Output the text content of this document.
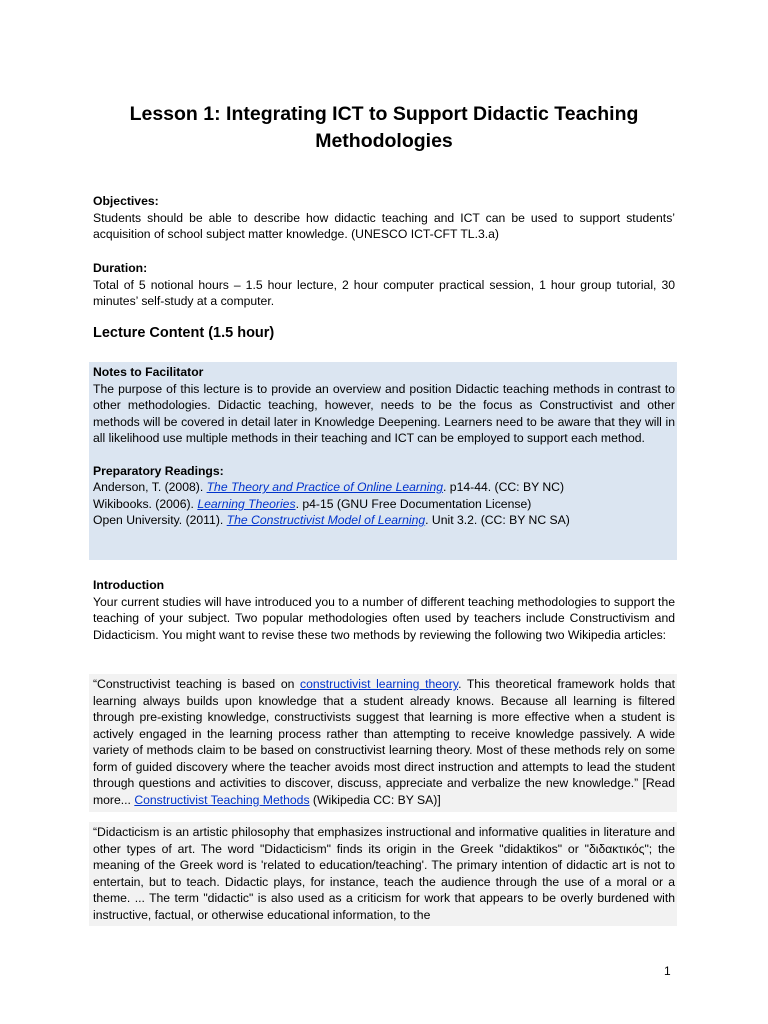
Lesson 1: Integrating ICT to Support Didactic Teaching Methodologies

Objectives:

Students should be able to describe how didactic teaching and ICT can be used to support students’ acquisition of school subject matter knowledge. (UNESCO ICT-CFT TL.3.a)

Duration:

Total of 5 notional hours – 1.5 hour lecture, 2 hour computer practical session, 1 hour group tutorial, 30 minutes’ self-study at a computer.

Lecture Content (1.5 hour)

Notes to Facilitator

The purpose of this lecture is to provide an overview and position Didactic teaching methods in contrast to other methodologies. Didactic teaching, however, needs to be the focus as Constructivist and other methods will be covered in detail later in Knowledge Deepening. Learners need to be aware that they will in all likelihood use multiple methods in their teaching and ICT can be employed to support each method.

Preparatory Readings:

Anderson, T. (2008). The Theory and Practice of Online Learning. p14-44. (CC: BY NC)

Wikibooks. (2006). Learning Theories. p4-15 (GNU Free Documentation License)

Open University. (2011). The Constructivist Model of Learning. Unit 3.2. (CC: BY NC SA)

Introduction

Your current studies will have introduced you to a number of different teaching methodologies to support the teaching of your subject. Two popular methodologies often used by teachers include Constructivism and Didacticism. You might want to revise these two methods by reviewing the following two Wikipedia articles:

“Constructivist teaching is based on constructivist learning theory. This theoretical framework holds that learning always builds upon knowledge that a student already knows. Because all learning is filtered through pre-existing knowledge, constructivists suggest that learning is more effective when a student is actively engaged in the learning process rather than attempting to receive knowledge passively. A wide variety of methods claim to be based on constructivist learning theory. Most of these methods rely on some form of guided discovery where the teacher avoids most direct instruction and attempts to lead the student through questions and activities to discover, discuss, appreciate and verbalize the new knowledge.” [Read more... Constructivist Teaching Methods (Wikipedia CC: BY SA)]
“Didacticism is an artistic philosophy that emphasizes instructional and informative qualities in literature and other types of art. The word "Didacticism" finds its origin in the Greek "didaktikos" or "διδακτικός"; the meaning of the Greek word is 'related to education/teaching'. The primary intention of didactic art is not to entertain, but to teach. Didactic plays, for instance, teach the audience through the use of a moral or a theme. ... The term "didactic" is also used as a criticism for work that appears to be overly burdened with instructive, factual, or otherwise educational information, to the
1
